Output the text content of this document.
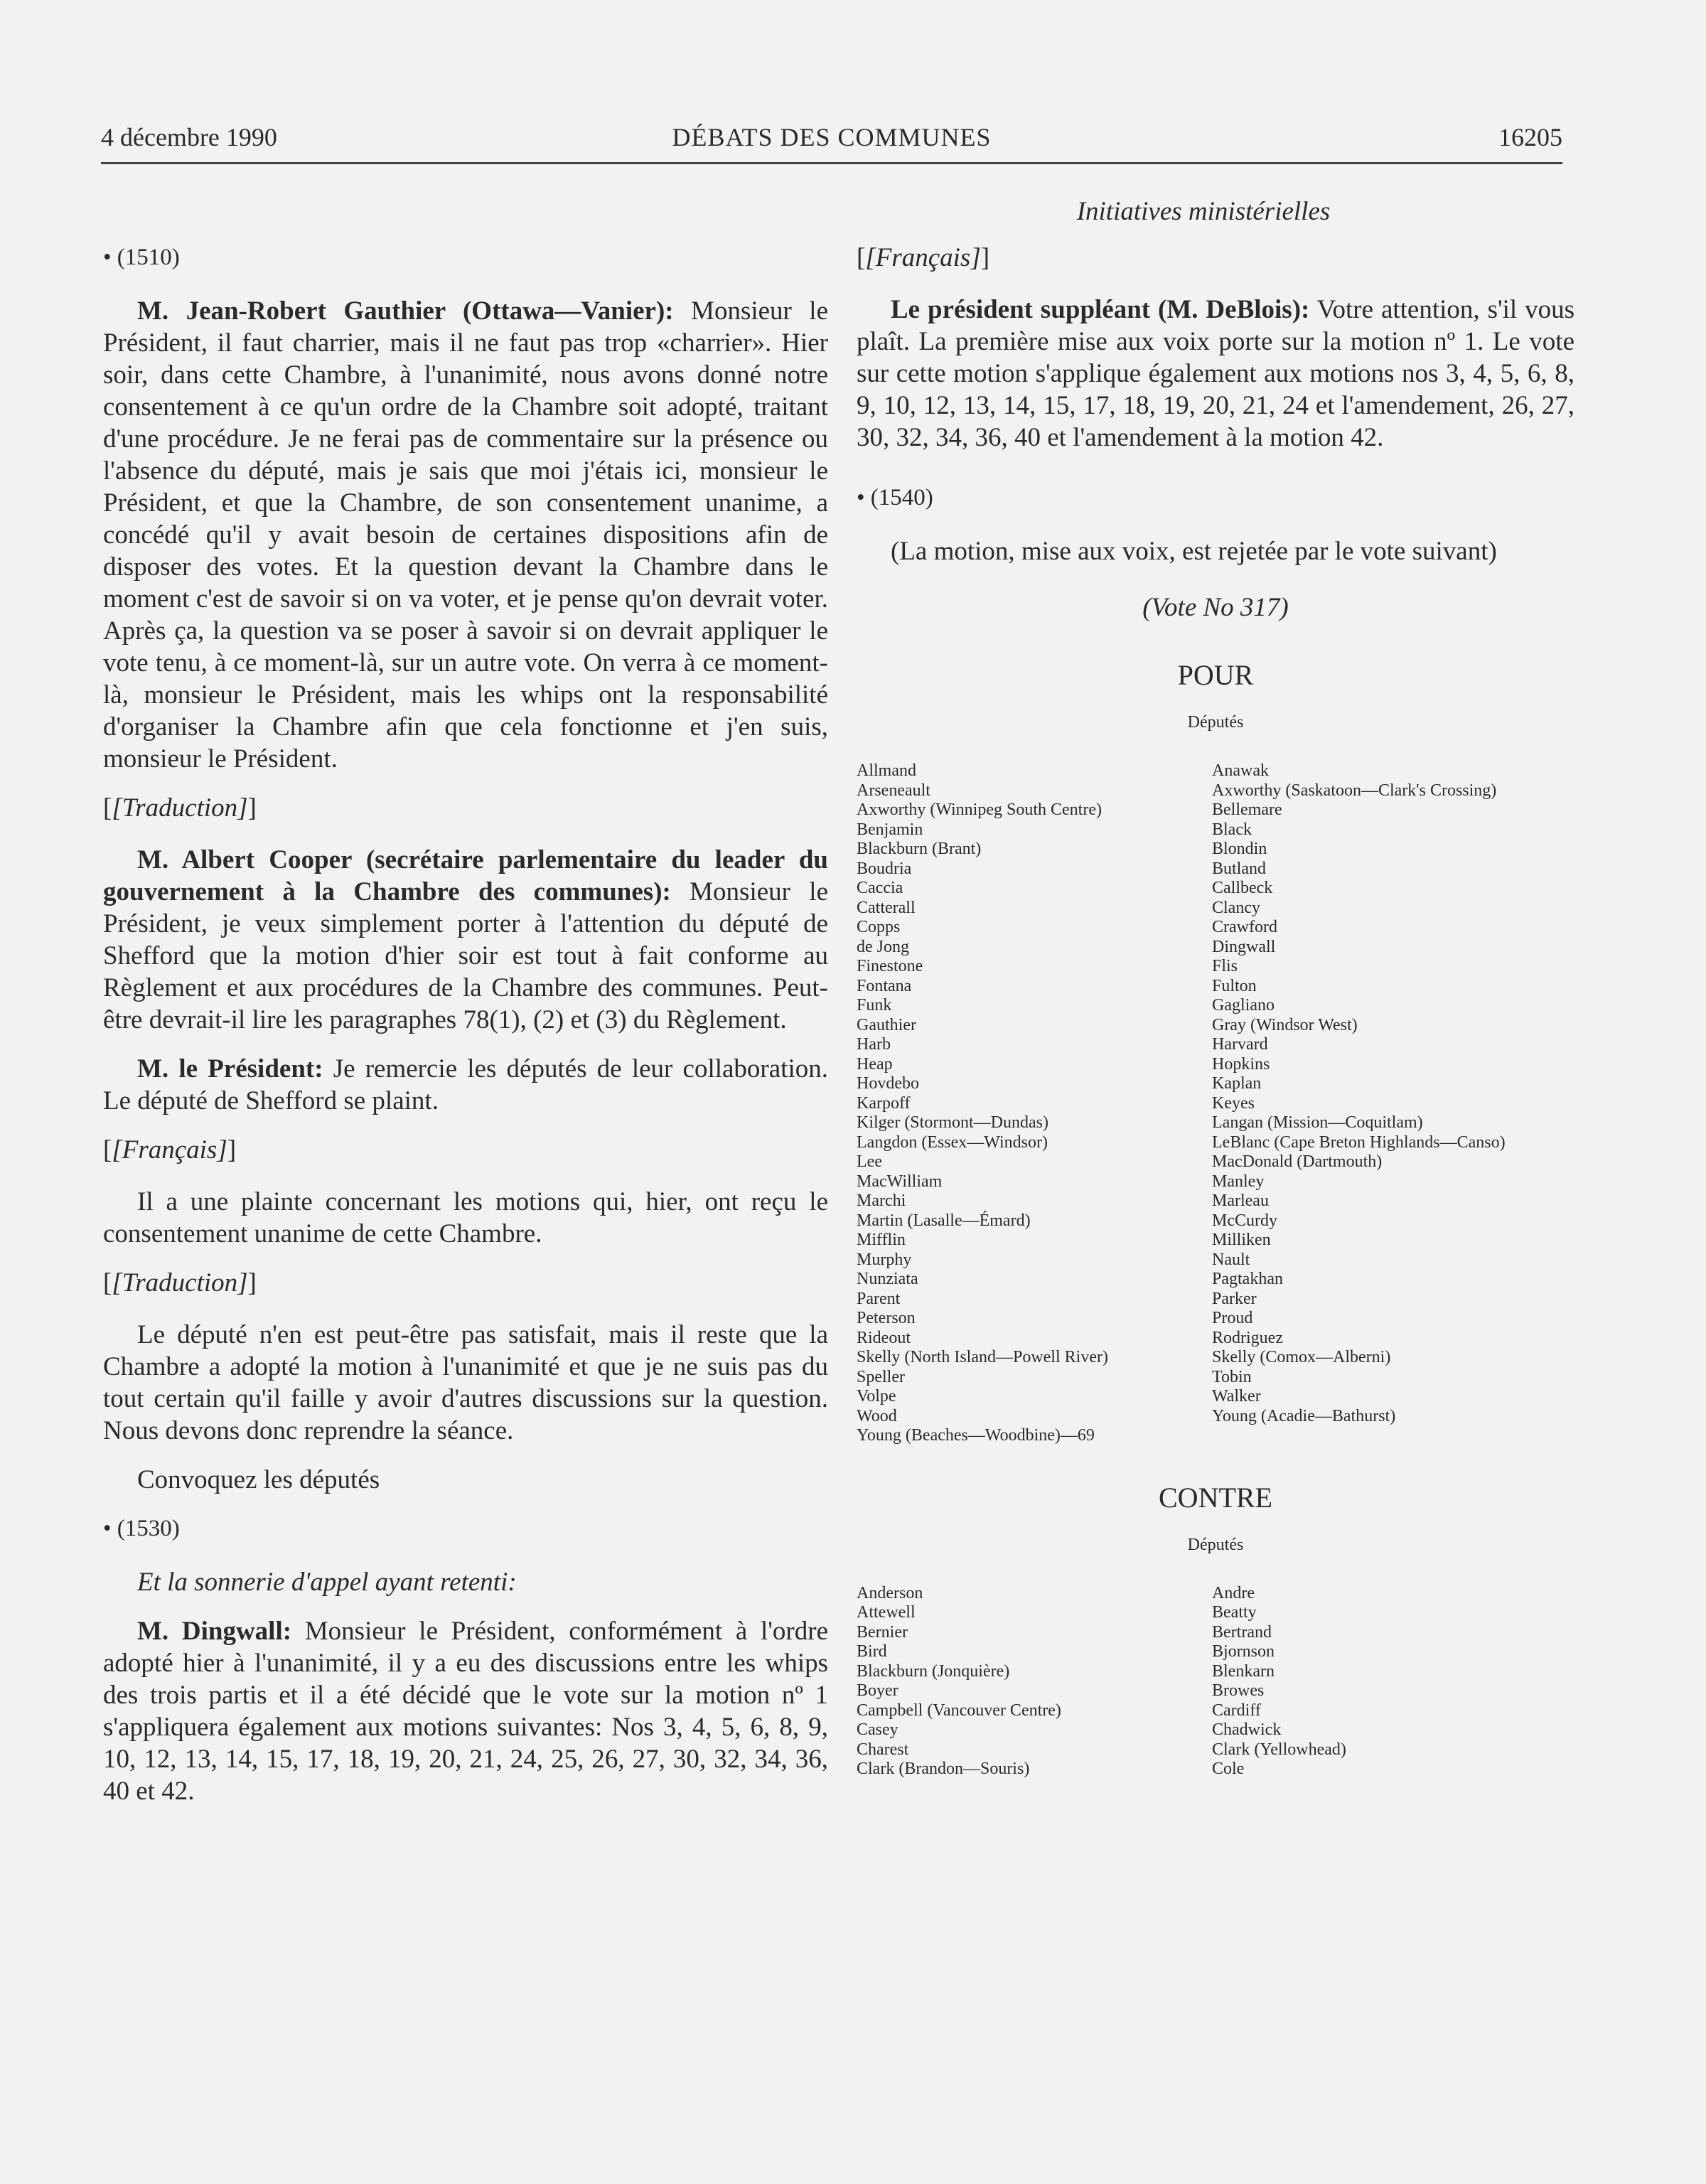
4 décembre 1990	DÉBATS DES COMMUNES	16205
Initiatives ministérielles
• (1510)

M. Jean-Robert Gauthier (Ottawa—Vanier): Monsieur le Président, il faut charrier, mais il ne faut pas trop «charrier». Hier soir, dans cette Chambre, à l'unanimité, nous avons donné notre consentement à ce qu'un ordre de la Chambre soit adopté, traitant d'une procédure. Je ne ferai pas de commentaire sur la présence ou l'absence du député, mais je sais que moi j'étais ici, monsieur le Président, et que la Chambre, de son consentement unanime, a concédé qu'il y avait besoin de certaines dispositions afin de disposer des votes. Et la question devant la Chambre dans le moment c'est de savoir si on va voter, et je pense qu'on devrait voter. Après ça, la question va se poser à savoir si on devrait appliquer le vote tenu, à ce moment-là, sur un autre vote. On verra à ce moment-là, monsieur le Président, mais les whips ont la responsabilité d'organiser la Chambre afin que cela fonctionne et j'en suis, monsieur le Président.

[[Traduction]]

M. Albert Cooper (secrétaire parlementaire du leader du gouvernement à la Chambre des communes): Monsieur le Président, je veux simplement porter à l'attention du député de Shefford que la motion d'hier soir est tout à fait conforme au Règlement et aux procédures de la Chambre des communes. Peut-être devrait-il lire les paragraphes 78(1), (2) et (3) du Règlement.

M. le Président: Je remercie les députés de leur collaboration. Le député de Shefford se plaint.

[[Français]]

Il a une plainte concernant les motions qui, hier, ont reçu le consentement unanime de cette Chambre.

[[Traduction]]

Le député n'en est peut-être pas satisfait, mais il reste que la Chambre a adopté la motion à l'unanimité et que je ne suis pas du tout certain qu'il faille y avoir d'autres discussions sur la question. Nous devons donc reprendre la séance.

Convoquez les députés

• (1530)

Et la sonnerie d'appel ayant retenti:

M. Dingwall: Monsieur le Président, conformément à l'ordre adopté hier à l'unanimité, il y a eu des discussions entre les whips des trois partis et il a été décidé que le vote sur la motion nº 1 s'appliquera également aux motions suivantes: Nos 3, 4, 5, 6, 8, 9, 10, 12, 13, 14, 15, 17, 18, 19, 20, 21, 24, 25, 26, 27, 30, 32, 34, 36, 40 et 42.

[[Français]]

Le président suppléant (M. DeBlois): Votre attention, s'il vous plaît. La première mise aux voix porte sur la motion nº 1. Le vote sur cette motion s'applique également aux motions nos 3, 4, 5, 6, 8, 9, 10, 12, 13, 14, 15, 17, 18, 19, 20, 21, 24 et l'amendement, 26, 27, 30, 32, 34, 36, 40 et l'amendement à la motion 42.

• (1540)

(La motion, mise aux voix, est rejetée par le vote suivant)

(Vote No 317)
POUR
Députés
Allmand
Arseneault
Axworthy (Winnipeg South Centre)
Benjamin
Blackburn (Brant)
Boudria
Caccia
Catterall
Copps
de Jong
Finestone
Fontana
Funk
Gauthier
Harb
Heap
Hovdebo
Karpoff
Kilger (Stormont—Dundas)
Langdon (Essex—Windsor)
Lee
MacWilliam
Marchi
Martin (Lasalle—Émard)
Mifflin
Murphy
Nunziata
Parent
Peterson
Rideout
Skelly (North Island—Powell River)
Speller
Volpe
Wood
Young (Beaches—Woodbine)—69
Anawak
Axworthy (Saskatoon—Clark's Crossing)
Bellemare
Black
Blondin
Butland
Callbeck
Clancy
Crawford
Dingwall
Flis
Fulton
Gagliano
Gray (Windsor West)
Harvard
Hopkins
Kaplan
Keyes
Langan (Mission—Coquitlam)
LeBlanc (Cape Breton Highlands—Canso)
MacDonald (Dartmouth)
Manley
Marleau
McCurdy
Milliken
Nault
Pagtakhan
Parker
Proud
Rodriguez
Skelly (Comox—Alberni)
Tobin
Walker
Young (Acadie—Bathurst)
CONTRE
Députés
Anderson
Attewell
Bernier
Bird
Blackburn (Jonquière)
Boyer
Campbell (Vancouver Centre)
Casey
Charest
Clark (Brandon—Souris)
Andre
Beatty
Bertrand
Bjornson
Blenkarn
Browes
Cardiff
Chadwick
Clark (Yellowhead)
Cole
